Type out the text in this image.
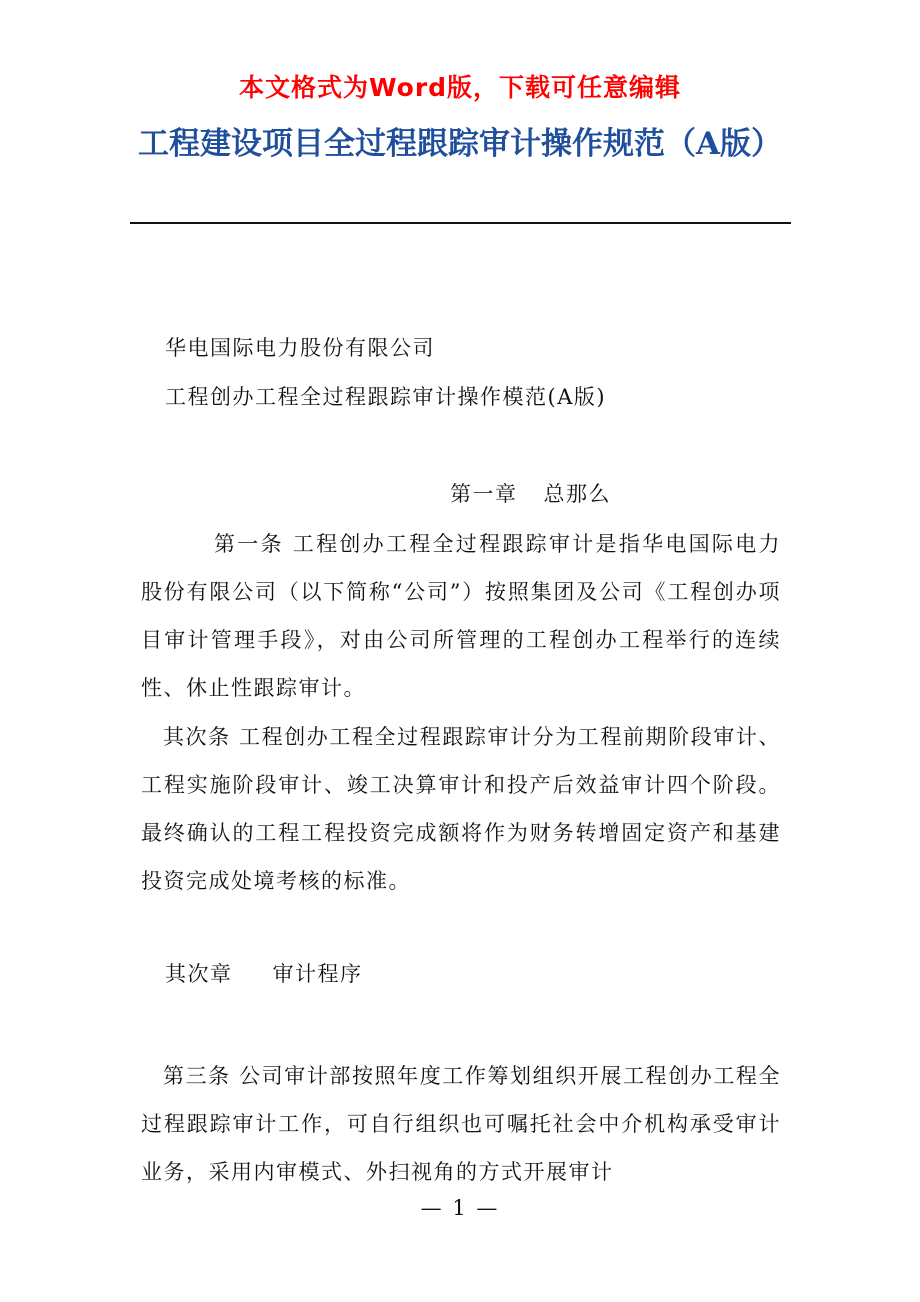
本文格式为Word版，下载可任意编辑
工程建设项目全过程跟踪审计操作规范（A版）
华电国际电力股份有限公司
工程创办工程全过程跟踪审计操作模范(A版)
第一章 总那么
第一条 工程创办工程全过程跟踪审计是指华电国际电力股份有限公司（以下简称“公司”）按照集团及公司《工程创办项 目审计管理手段》，对由公司所管理的工程创办工程举行的连续性、休止性跟踪审计。
其次条 工程创办工程全过程跟踪审计分为工程前期阶段审计、工程实施阶段审计、竣工决算审计和投产后效益审计四个阶段。最终确认的工程工程投资完成额将作为财务转增固定资产和基建投资完成处境考核的标准。
其次章 审计程序
第三条 公司审计部按照年度工作筹划组织开展工程创办工程全过程跟踪审计工作，可自行组织也可嘱托社会中介机构承受审计业务，采用内审模式、外扫视角的方式开展审计
— 1 —
